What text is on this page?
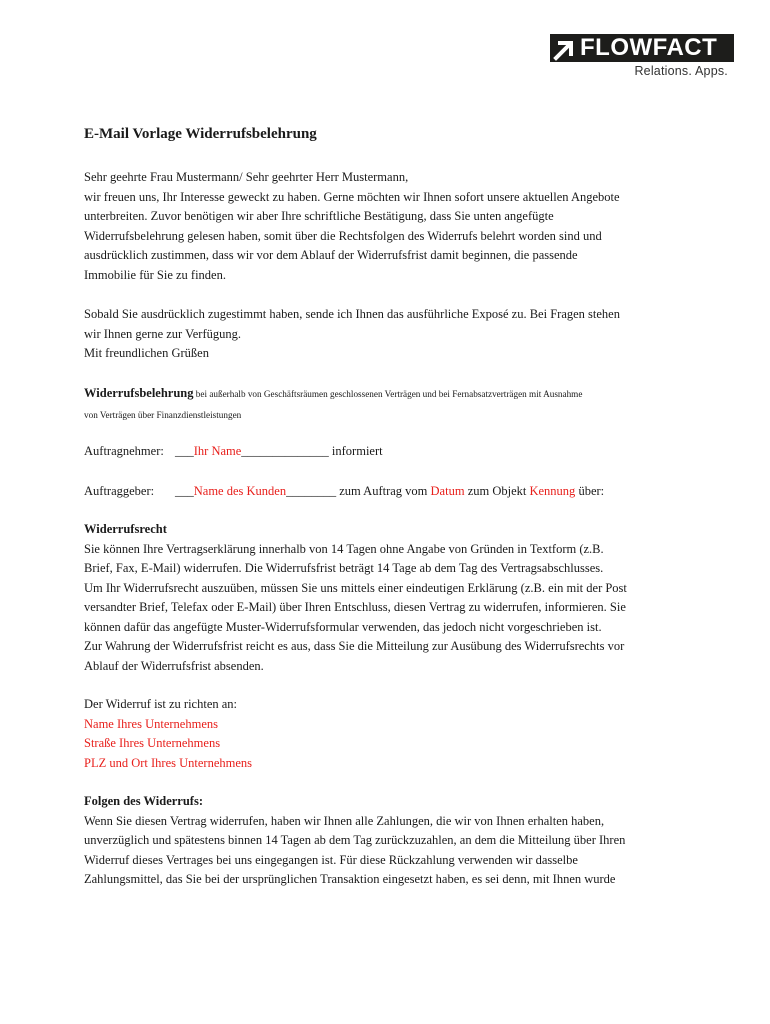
FLOWFACT
Relations. Apps.
E-Mail Vorlage Widerrufsbelehrung

Sehr geehrte Frau Mustermann/ Sehr geehrter Herr Mustermann,

wir freuen uns, Ihr Interesse geweckt zu haben. Gerne möchten wir Ihnen sofort unsere aktuellen Angebote

unterbreiten. Zuvor benötigen wir aber Ihre schriftliche Bestätigung, dass Sie unten angefügte

Widerrufsbelehrung gelesen haben, somit über die Rechtsfolgen des Widerrufs belehrt worden sind und

ausdrücklich zustimmen, dass wir vor dem Ablauf der Widerrufsfrist damit beginnen, die passende

Immobilie für Sie zu finden.

Sobald Sie ausdrücklich zugestimmt haben, sende ich Ihnen das ausführliche Exposé zu. Bei Fragen stehen

wir Ihnen gerne zur Verfügung.

Mit freundlichen Grüßen

Widerrufsbelehrung bei außerhalb von Geschäftsräumen geschlossenen Verträgen und bei Fernabsatzverträgen mit Ausnahme

von Verträgen über Finanzdienstleistungen

Auftragnehmer: ___Ihr Name______________ informiert
Auftraggeber:	___Name des Kunden________ zum Auftrag vom Datum zum Objekt Kennung über:

Widerrufsrecht

Sie können Ihre Vertragserklärung innerhalb von 14 Tagen ohne Angabe von Gründen in Textform (z.B.

Brief, Fax, E-Mail) widerrufen. Die Widerrufsfrist beträgt 14 Tage ab dem Tag des Vertragsabschlusses.

Um Ihr Widerrufsrecht auszuüben, müssen Sie uns mittels einer eindeutigen Erklärung (z.B. ein mit der Post

versandter Brief, Telefax oder E-Mail) über Ihren Entschluss, diesen Vertrag zu widerrufen, informieren. Sie

können dafür das angefügte Muster-Widerrufsformular verwenden, das jedoch nicht vorgeschrieben ist.

Zur Wahrung der Widerrufsfrist reicht es aus, dass Sie die Mitteilung zur Ausübung des Widerrufsrechts vor

Ablauf der Widerrufsfrist absenden.

Der Widerruf ist zu richten an:

Name Ihres Unternehmens

Straße Ihres Unternehmens

PLZ und Ort Ihres Unternehmens

Folgen des Widerrufs:

Wenn Sie diesen Vertrag widerrufen, haben wir Ihnen alle Zahlungen, die wir von Ihnen erhalten haben,

unverzüglich und spätestens binnen 14 Tagen ab dem Tag zurückzuzahlen, an dem die Mitteilung über Ihren

Widerruf dieses Vertrages bei uns eingegangen ist. Für diese Rückzahlung verwenden wir dasselbe

Zahlungsmittel, das Sie bei der ursprünglichen Transaktion eingesetzt haben, es sei denn, mit Ihnen wurde
